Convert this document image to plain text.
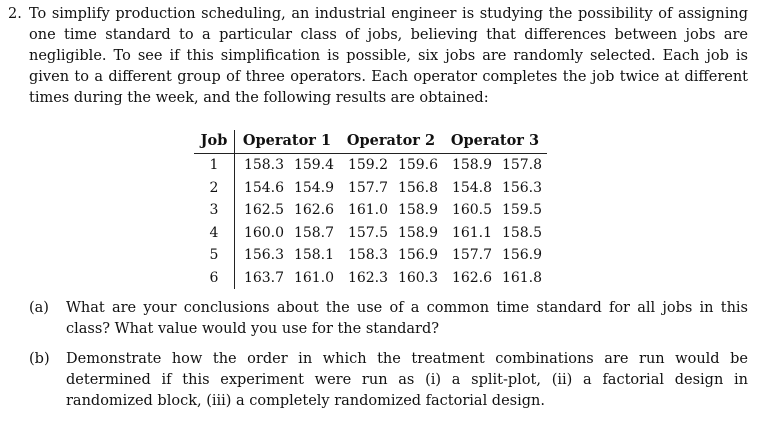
2. To simplify production scheduling, an industrial engineer is studying the possibility of assigning one time standard to a particular class of jobs, believing that differences between jobs are negligible. To see if this simplification is possible, six jobs are randomly selected. Each job is given to a different group of three operators. Each operator completes the job twice at different times during the week, and the following results are obtained:
Job	Operator 1	Operator 2	Operator 3
1	158.3 159.4	159.2 159.6	158.9 157.8
2	154.6 154.9	157.7 156.8	154.8 156.3
3	162.5 162.6	161.0 158.9	160.5 159.5
4	160.0 158.7	157.5 158.9	161.1 158.5
5	156.3 158.1	158.3 156.9	157.7 156.9
6	163.7 161.0	162.3 160.3	162.6 161.8
(a) What are your conclusions about the use of a common time standard for all jobs in this class? What value would you use for the standard?
(b) Demonstrate how the order in which the treatment combinations are run would be determined if this experiment were run as (i) a split-plot, (ii) a factorial design in randomized block, (iii) a completely randomized factorial design.
